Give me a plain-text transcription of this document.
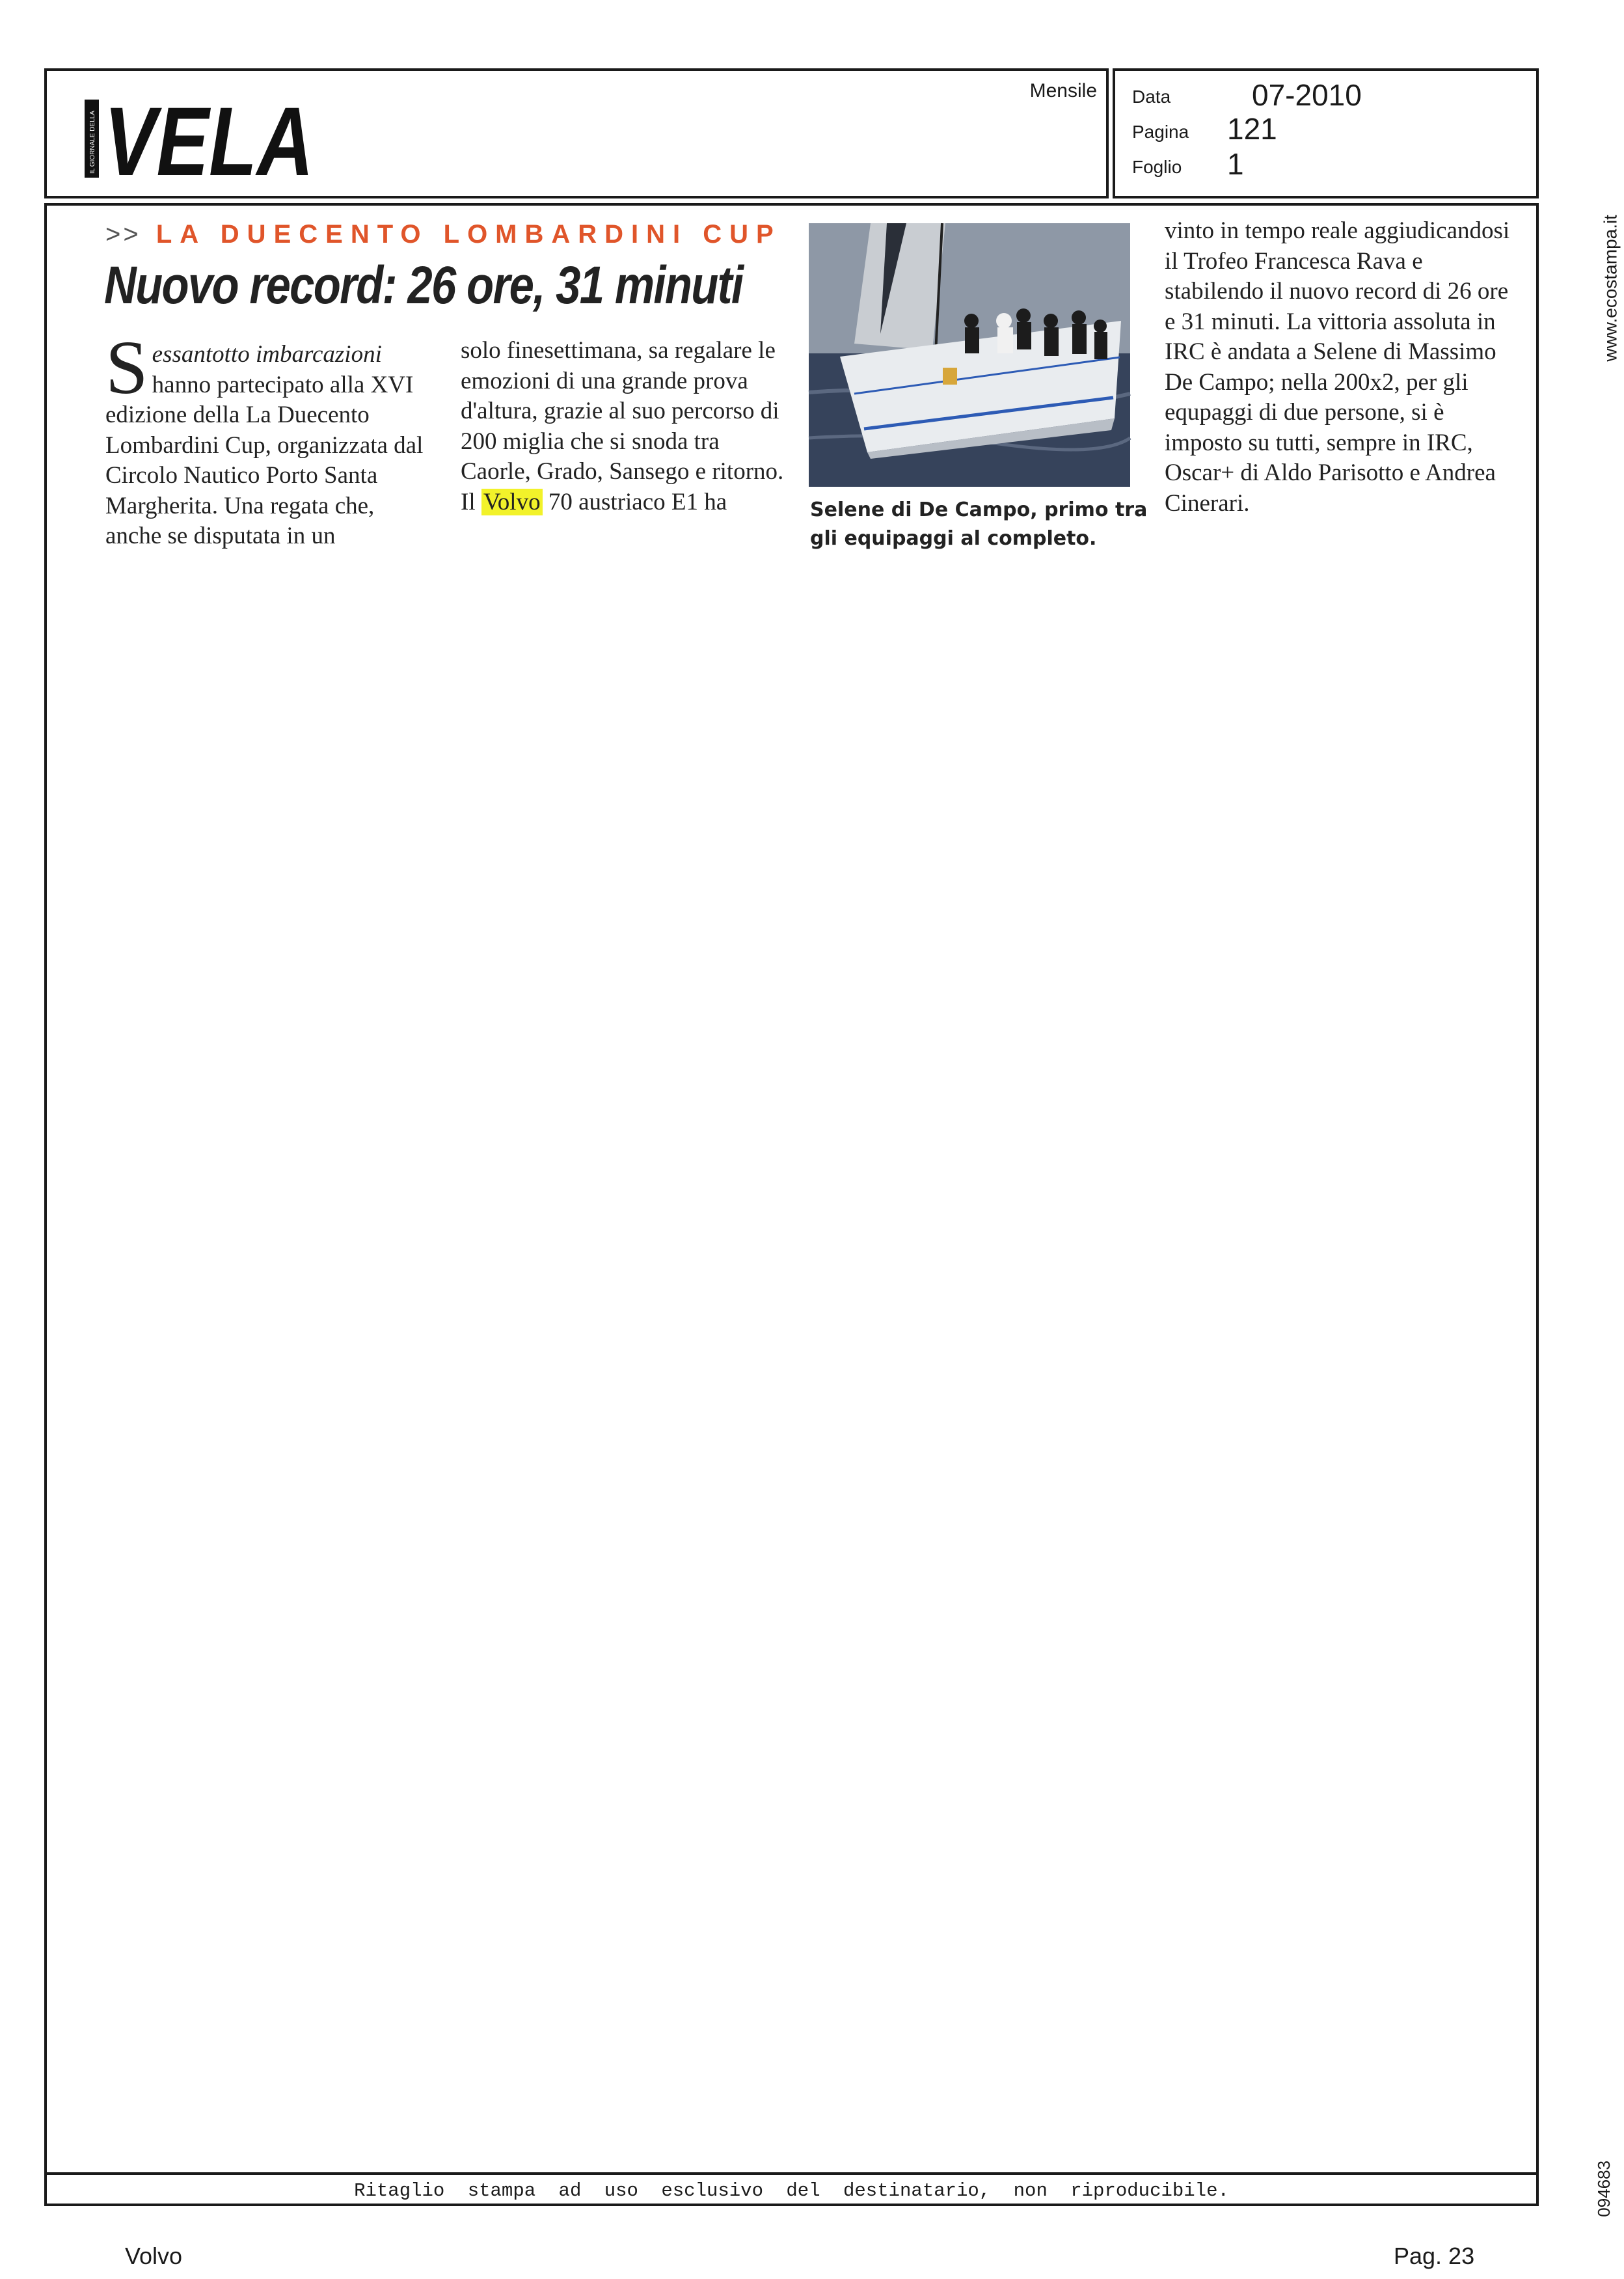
IL GIORNALE DELLA VELA	Mensile Data	07-2010
Pagina 121
Foglio 1
www.ecostampa.it
094683
>> LA DUECENTO LOMBARDINI CUP
Nuovo record: 26 ore, 31 minuti

Sessantotto imbarcazioni hanno partecipato alla XVI edizione della La Duecento Lombardini Cup, organizzata dal Circolo Nautico Porto Santa Margherita. Una regata che, anche se disputata in un

solo finesettimana, sa regalare le emozioni di una grande prova d'altura, grazie al suo percorso di 200 miglia che si snoda tra Caorle, Grado, Sansego e ritorno.
Il Volvo 70 austriaco E1 ha	Selene di De Campo, primo tra gli equipaggi al completo.

vinto in tempo reale aggiudicandosi il Trofeo Francesca Rava e stabilendo il nuovo record di 26 ore e 31 minuti. La vittoria assoluta in IRC è andata a Selene di Massimo De Campo; nella 200x2, per gli equpaggi di due persone, si è imposto su tutti, sempre in IRC, Oscar+ di Aldo Parisotto e Andrea Cinerari.

Ritaglio stampa ad uso esclusivo del destinatario, non riproducibile.
Volvo	Pag. 23
